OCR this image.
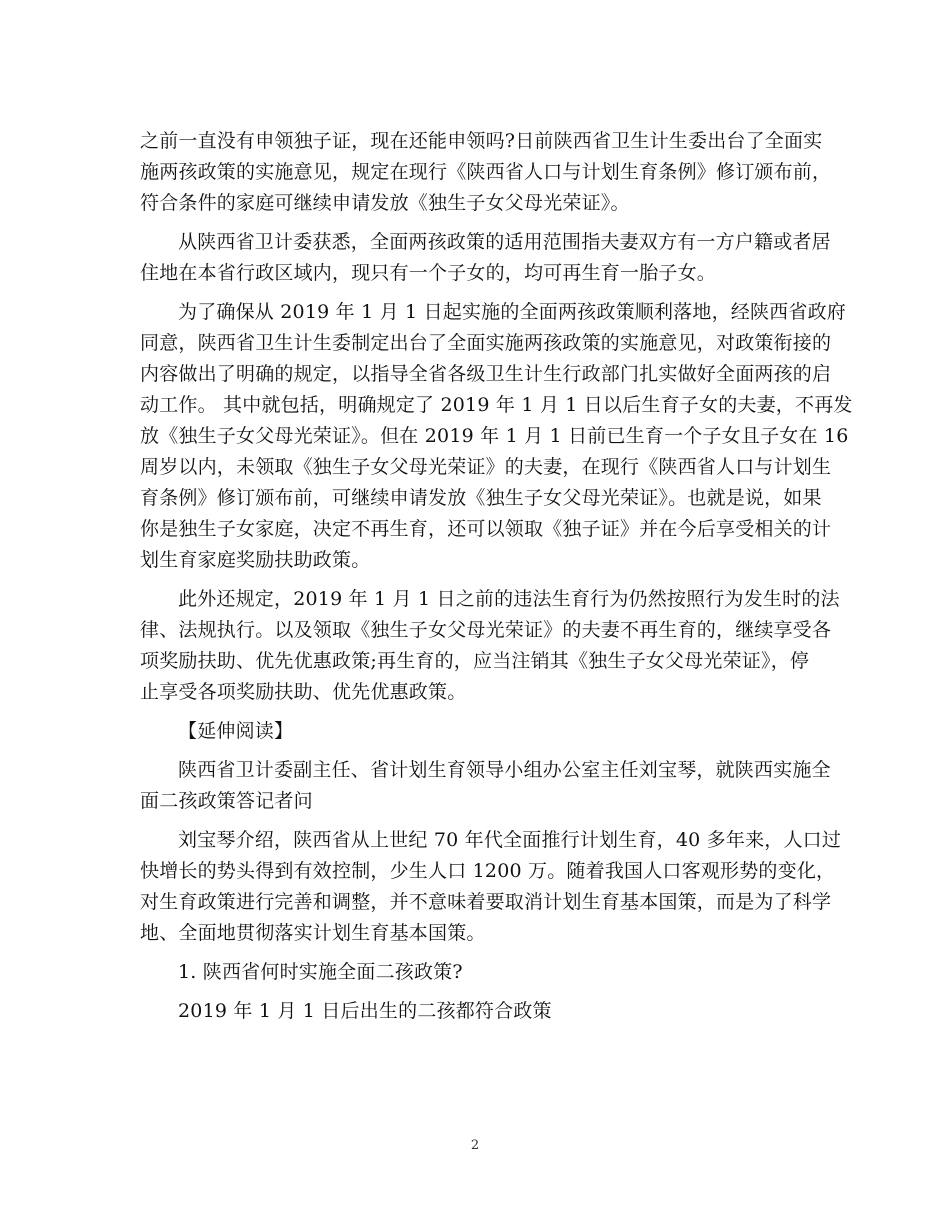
之前一直没有申领独子证，现在还能申领吗?日前陕西省卫生计生委出台了全面实
施两孩政策的实施意见，规定在现行《陕西省人口与计划生育条例》修订颁布前，
符合条件的家庭可继续申请发放《独生子女父母光荣证》。

从陕西省卫计委获悉，全面两孩政策的适用范围指夫妻双方有一方户籍或者居
住地在本省行政区域内，现只有一个子女的，均可再生育一胎子女。

为了确保从 2019 年 1 月 1 日起实施的全面两孩政策顺利落地，经陕西省政府
同意，陕西省卫生计生委制定出台了全面实施两孩政策的实施意见，对政策衔接的
内容做出了明确的规定，以指导全省各级卫生计生行政部门扎实做好全面两孩的启
动工作。 其中就包括，明确规定了 2019 年 1 月 1 日以后生育子女的夫妻，不再发
放《独生子女父母光荣证》。但在 2019 年 1 月 1 日前已生育一个子女且子女在 16
周岁以内，未领取《独生子女父母光荣证》的夫妻，在现行《陕西省人口与计划生
育条例》修订颁布前，可继续申请发放《独生子女父母光荣证》。也就是说，如果
你是独生子女家庭，决定不再生育，还可以领取《独子证》并在今后享受相关的计
划生育家庭奖励扶助政策。

此外还规定，2019 年 1 月 1 日之前的违法生育行为仍然按照行为发生时的法
律、法规执行。以及领取《独生子女父母光荣证》的夫妻不再生育的，继续享受各
项奖励扶助、优先优惠政策;再生育的，应当注销其《独生子女父母光荣证》，停
止享受各项奖励扶助、优先优惠政策。

【延伸阅读】

陕西省卫计委副主任、省计划生育领导小组办公室主任刘宝琴，就陕西实施全
面二孩政策答记者问

刘宝琴介绍，陕西省从上世纪 70 年代全面推行计划生育，40 多年来，人口过
快增长的势头得到有效控制，少生人口 1200 万。随着我国人口客观形势的变化，
对生育政策进行完善和调整，并不意味着要取消计划生育基本国策，而是为了科学
地、全面地贯彻落实计划生育基本国策。

1. 陕西省何时实施全面二孩政策?

2019 年 1 月 1 日后出生的二孩都符合政策

2
